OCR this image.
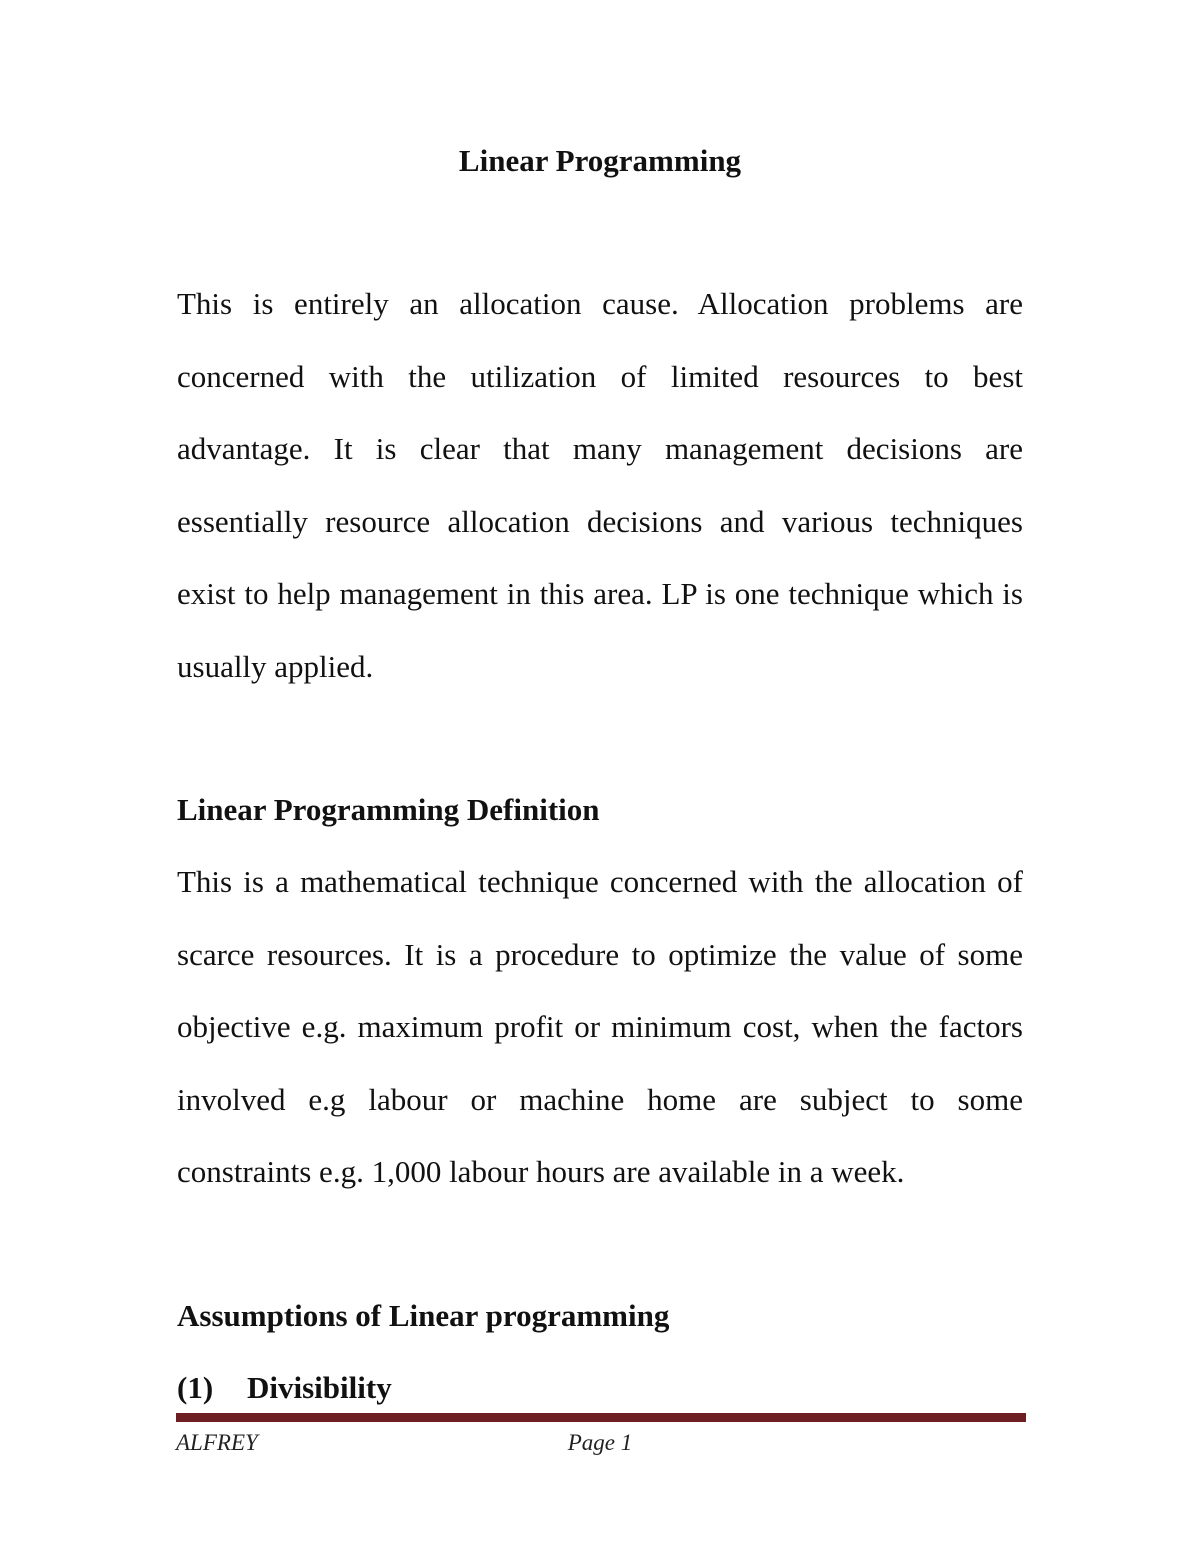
Linear Programming

This is entirely an allocation cause. Allocation problems are concerned with the utilization of limited resources to best advantage. It is clear that many management decisions are essentially resource allocation decisions and various techniques exist to help management in this area. LP is one technique which is usually applied.

Linear Programming Definition

This is a mathematical technique concerned with the allocation of scarce resources. It is a procedure to optimize the value of some objective e.g. maximum profit or minimum cost, when the factors involved e.g labour or machine home are subject to some constraints e.g. 1,000 labour hours are available in a week.

Assumptions of Linear programming
(1) Divisibility
ALFREY	Page 1
